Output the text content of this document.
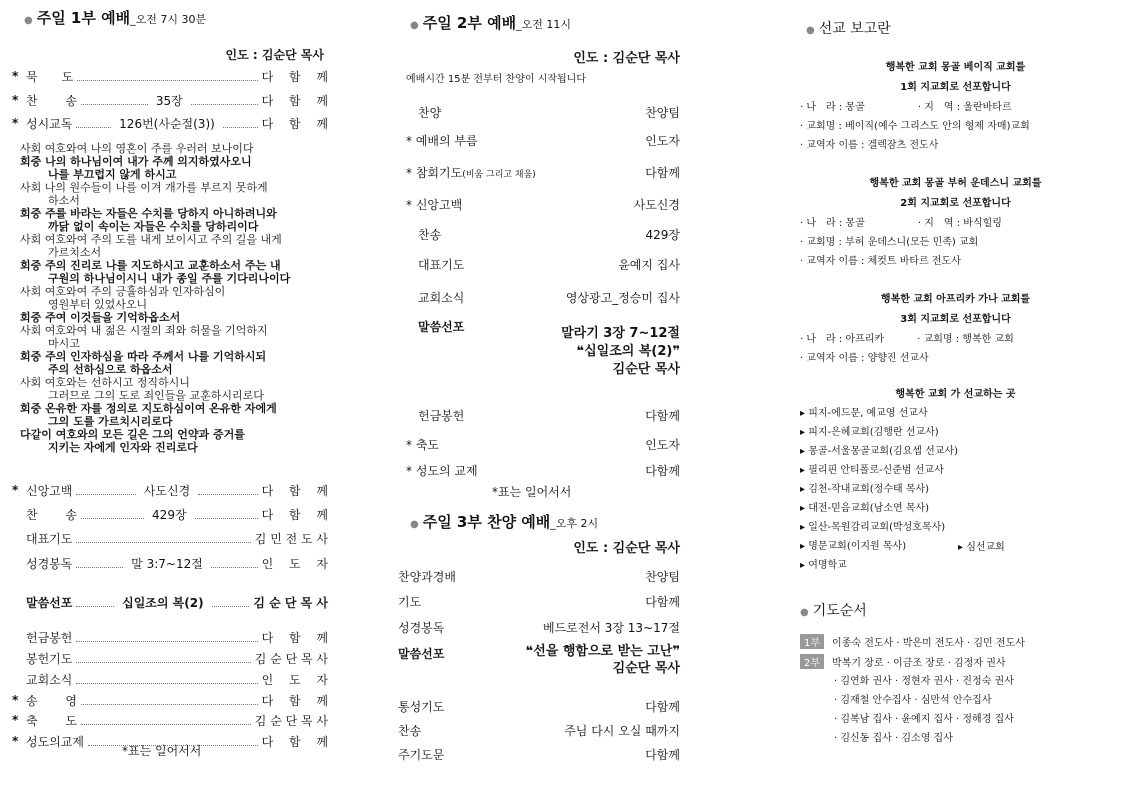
● 주일 1부 예배_오전 7시 30분
인도 : 김순단 목사
* 묵　　도	다 　함 　께
* 찬 　　송	35장	다 　함 　께
* 성시교독	126번(사순절(3))	다 　함 　께
사회 여호와여 나의 영혼이 주를 우러러 보나이다
회중 나의 하나님이여 내가 주께 의지하였사오니
나를 부끄럽지 않게 하시고
사회 나의 원수들이 나를 이겨 개가를 부르지 못하게
하소서
회중 주를 바라는 자들은 수치를 당하지 아니하려니와
까닭 없이 속이는 자들은 수치를 당하리이다
사회 여호와여 주의 도를 내게 보이시고 주의 길을 내게
가르치소서
회중 주의 진리로 나를 지도하시고 교훈하소서 주는 내
구원의 하나님이시니 내가 종일 주를 기다리나이다
사회 여호와여 주의 긍휼하심과 인자하심이
영원부터 있었사오니
회중 주여 이것들을 기억하옵소서
사회 여호와여 내 젊은 시절의 죄와 허물을 기억하지
마시고
회중 주의 인자하심을 따라 주께서 나를 기억하시되
주의 선하심으로 하옵소서
사회 여호와는 선하시고 정직하시니
그러므로 그의 도로 죄인들을 교훈하시리로다
회중 온유한 자를 정의로 지도하심이여 온유한 자에게
그의 도를 가르치시리로다
다같이 여호와의 모든 길은 그의 언약과 증거를
지키는 자에게 인자와 진리로다
* 신앙고백	사도신경	다 　함 　께
찬 　　송	429장	다 　함 　께
대표기도	김 민 전 도 사
성경봉독	말 3:7~12절	인 　도 　자
말씀선포	십일조의 복(2)	김 순 단 목 사
헌금봉헌	다 　함 　께
봉헌기도	김 순 단 목 사
교회소식	인 　도 　자
* 송 　　영	다 　함 　께
* 축 　　도	김 순 단 목 사
* 성도의교제	다 　함 　께
*표는 일어서서
● 주일 2부 예배_오전 11시
인도 : 김순단 목사
예배시간 15분 전부터 찬양이 시작됩니다
찬양	찬양팀
* 예배의 부름	인도자
* 참회기도(비움 그리고 채움)	다함께
* 신앙고백	사도신경
찬송	429장
대표기도	윤예지 집사
교회소식	영상광고_정승미 집사
말씀선포	말라기 3장 7~12절
❝십일조의 복(2)❞
김순단 목사
헌금봉헌	다함께
* 축도	인도자
* 성도의 교제	다함께
*표는 일어서서
● 주일 3부 찬양 예배_오후 2시
인도 : 김순단 목사
찬양과경배	찬양팀
기도	다함께
성경봉독	베드로전서 3장 13~17절
말씀선포	❝선을 행함으로 받는 고난❞
김순단 목사
통성기도	다함께
찬송	주님 다시 오실 때까지
주기도문	다함께
● 선교 보고란
행복한 교회 몽골 베이직 교회를
1회 지교회로 선포합니다
· 나　라 : 몽골　　　　　 · 지　역 : 울란바타르
· 교회명 : 베이직(예수 그리스도 안의 형제 자매)교회
· 교역자 이름 : 겔렉잠츠 전도사
행복한 교회 몽골 부허 운데스니 교회를
2회 지교회로 선포합니다
· 나　라 : 몽골　　　　　 · 지　역 : 바식힐링
· 교회명 : 부허 운데스니(모든 민족) 교회
· 교역자 이름 : 체컷트 바타르 전도사
행복한 교회 아프리카 가나 교회를
3회 지교회로 선포합니다
· 나　라 : 아프리카　　　 · 교회명 : 행복한 교회
· 교역자 이름 : 양향진 선교사
행복한 교회 가 선교하는 곳
▸ 피지-에드문, 예교영 선교사
▸ 피지-은혜교회(김행란 선교사)
▸ 몽골-서울몽골교회(김요셉 선교사)
▸ 필리핀 안티폴로-신준범 선교사
▸ 김천-작내교회(정수태 목사)
▸ 대전-믿음교회(남소연 목사)
▸ 일산-목원감리교회(박성호목사)
▸ 명문교회(이지원 목사)
▸ 여명학교
▸ 심선교회
● 기도순서
1부 이종숙 전도사 · 박은미 전도사 · 김민 전도사
2부 박복기 장로 · 이금조 장로 · 김정자 권사
· 김연화 권사 · 정현자 권사 · 진정숙 권사
· 김재철 안수집사 · 심만석 안수집사
· 김복남 집사 · 윤예지 집사 · 정해경 집사
· 김신동 집사 · 김소영 집사
